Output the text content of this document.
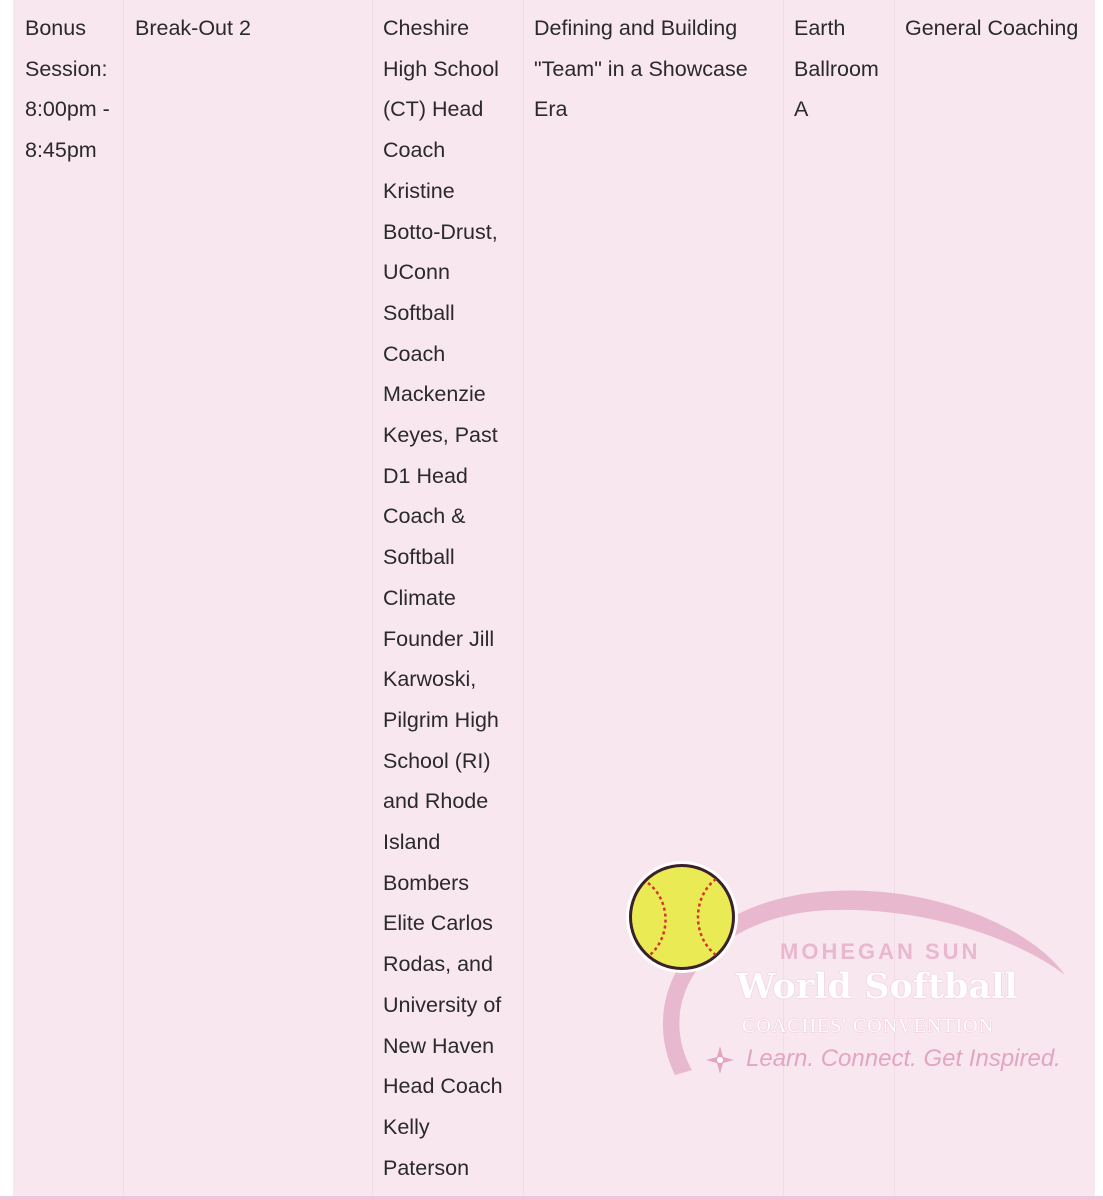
Bonus
Session:
8:00pm -
8:45pm
Break-Out 2	Cheshire
High School
(CT) Head
Coach
Kristine
Botto-Drust,
UConn
Softball
Coach
Mackenzie
Keyes, Past
D1 Head
Coach &
Softball
Climate
Founder Jill
Karwoski,
Pilgrim High
School (RI)
and Rhode
Island
Bombers
Elite Carlos
Rodas, and
University of
New Haven
Head Coach
Kelly
Paterson
Defining and Building
"Team" in a Showcase
Era
Earth
Ballroom
A
General Coaching
MOHEGAN SUN
World Softball
COACHES' CONVENTION
Learn. Connect. Get Inspired.
